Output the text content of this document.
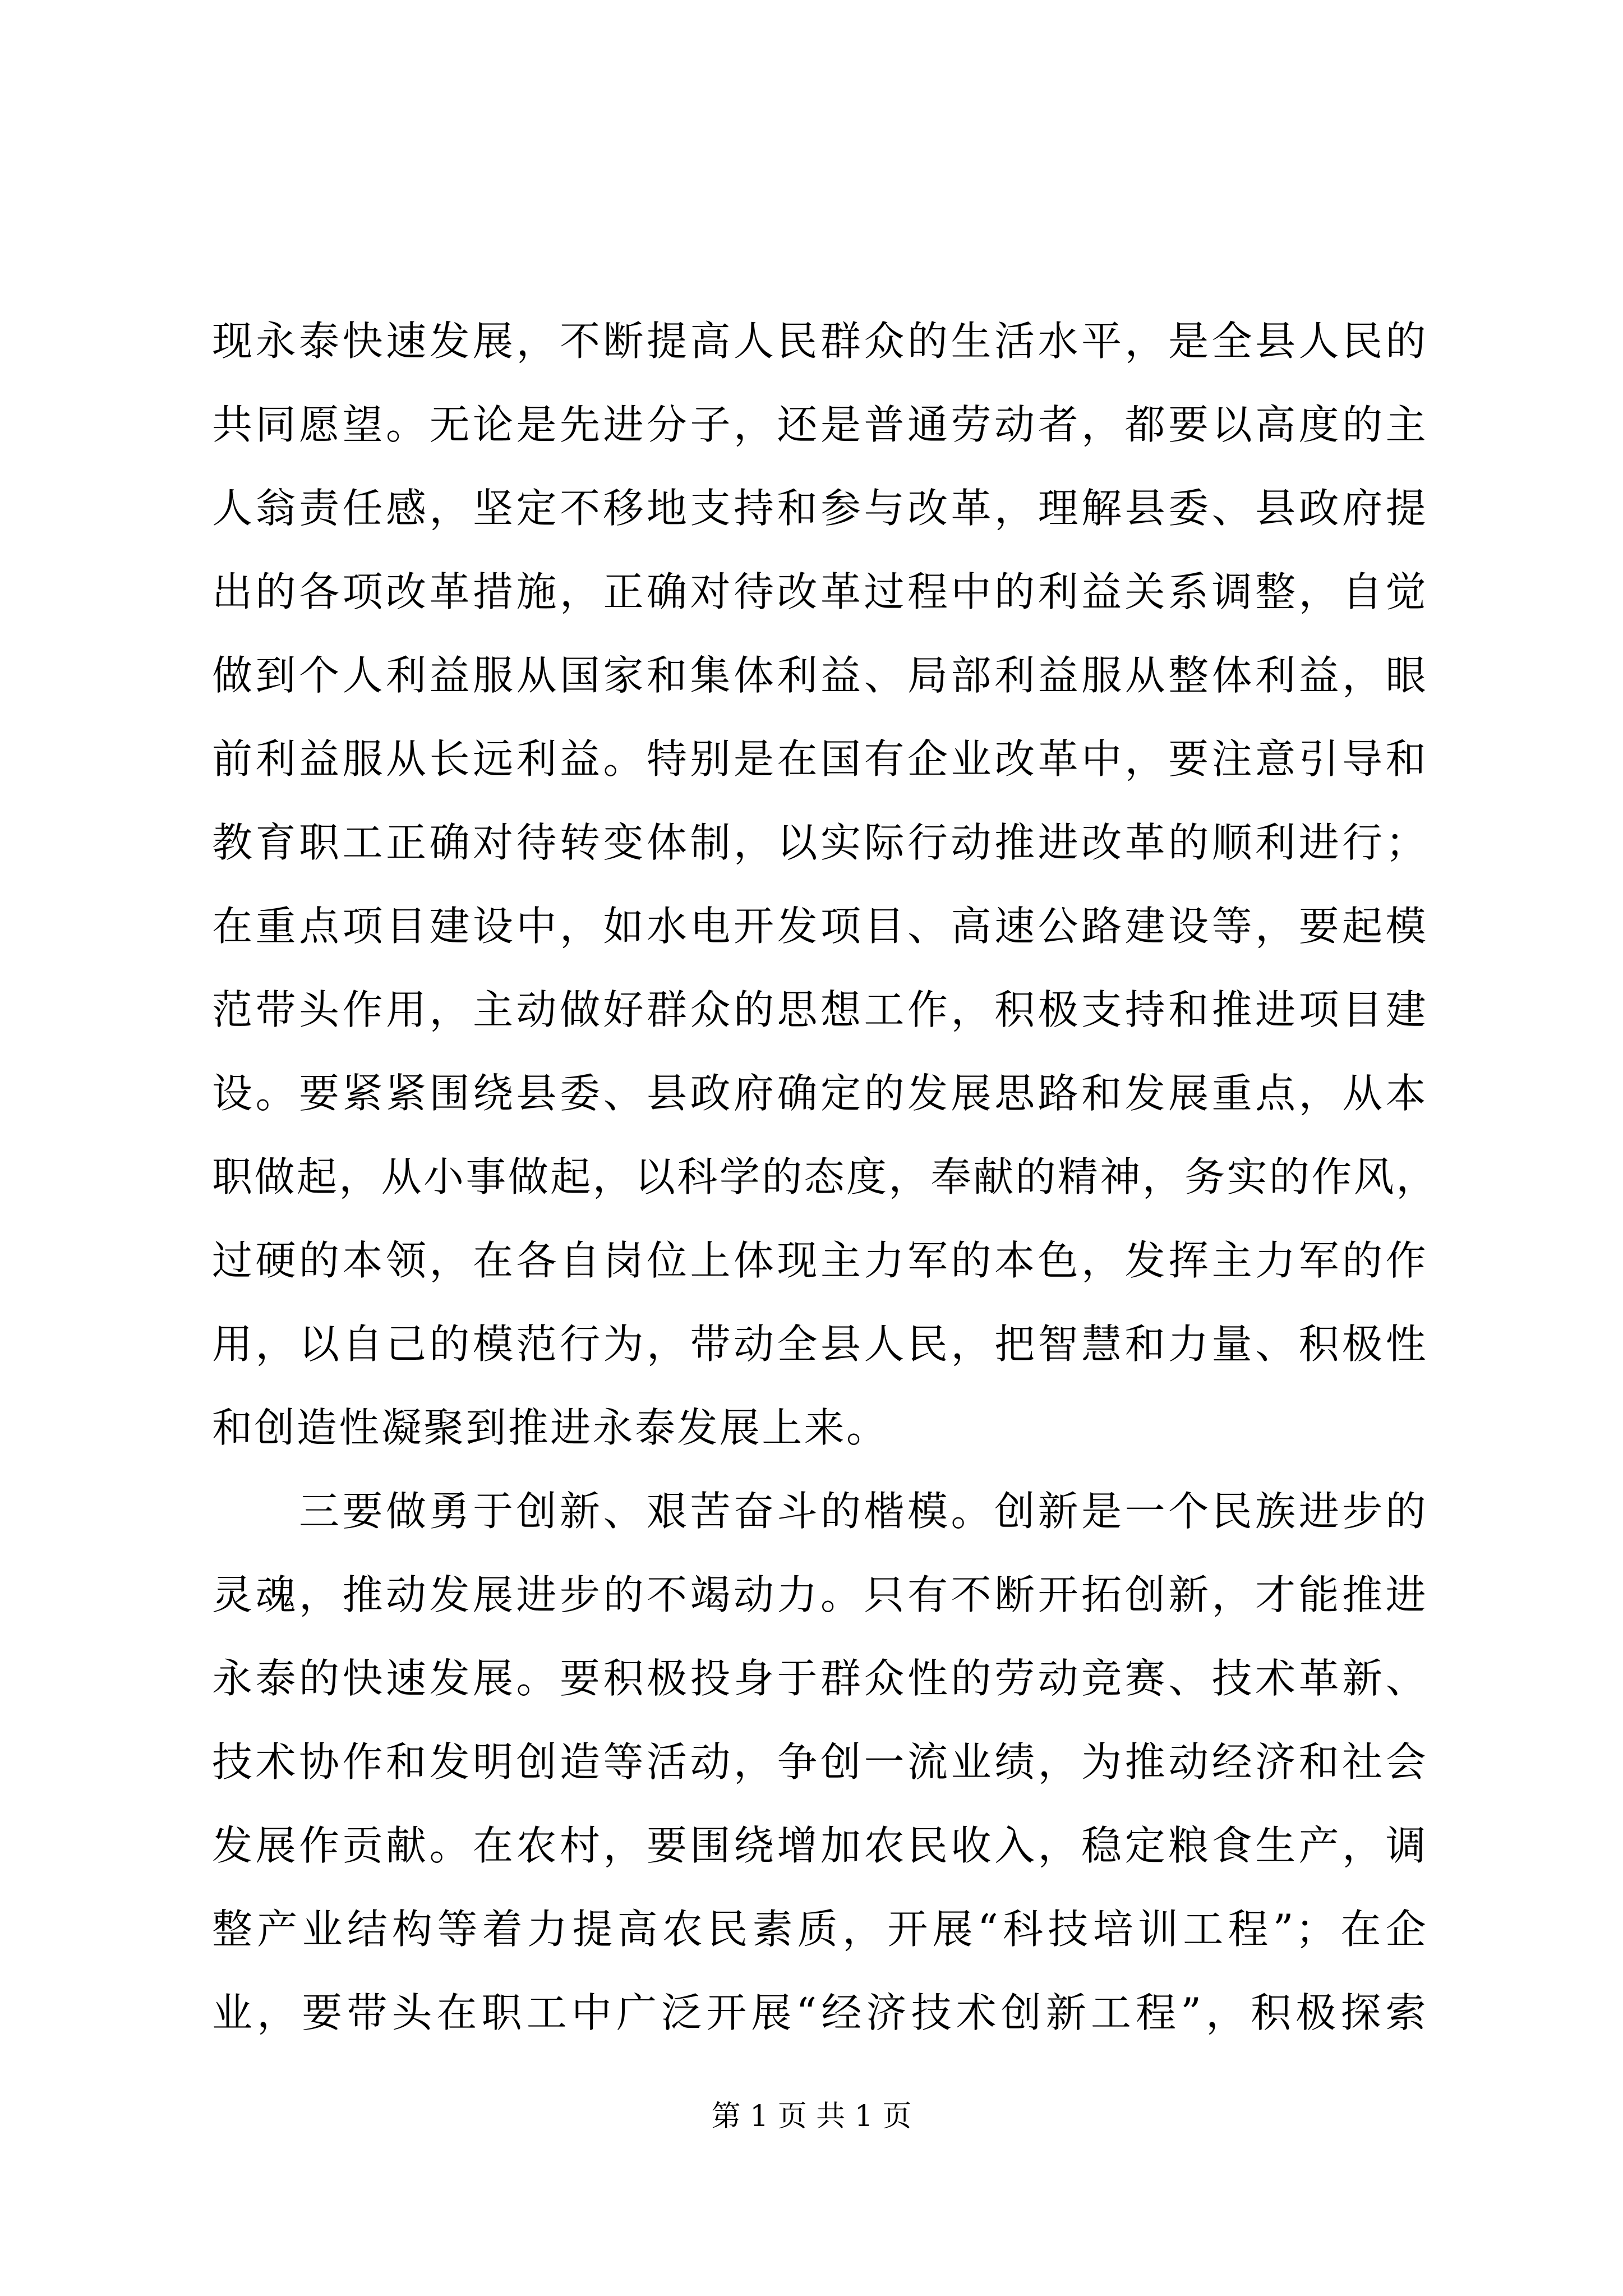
现永泰快速发展，不断提高人民群众的生活水平，是全县人民的
共同愿望。无论是先进分子，还是普通劳动者，都要以高度的主
人翁责任感，坚定不移地支持和参与改革，理解县委、县政府提
出的各项改革措施，正确对待改革过程中的利益关系调整，自觉
做到个人利益服从国家和集体利益、局部利益服从整体利益，眼
前利益服从长远利益。特别是在国有企业改革中，要注意引导和
教育职工正确对待转变体制，以实际行动推进改革的顺利进行；
在重点项目建设中，如水电开发项目、高速公路建设等，要起模
范带头作用，主动做好群众的思想工作，积极支持和推进项目建
设。要紧紧围绕县委、县政府确定的发展思路和发展重点，从本
职做起，从小事做起，以科学的态度，奉献的精神，务实的作风，
过硬的本领，在各自岗位上体现主力军的本色，发挥主力军的作
用，以自己的模范行为，带动全县人民，把智慧和力量、积极性
和创造性凝聚到推进永泰发展上来。
　　三要做勇于创新、艰苦奋斗的楷模。创新是一个民族进步的
灵魂，推动发展进步的不竭动力。只有不断开拓创新，才能推进
永泰的快速发展。要积极投身于群众性的劳动竞赛、技术革新、
技术协作和发明创造等活动，争创一流业绩，为推动经济和社会
发展作贡献。在农村，要围绕增加农民收入，稳定粮食生产，调
整产业结构等着力提高农民素质，开展“科技培训工程”；在企
业，要带头在职工中广泛开展“经济技术创新工程”，积极探索
第 1 页 共 1 页
